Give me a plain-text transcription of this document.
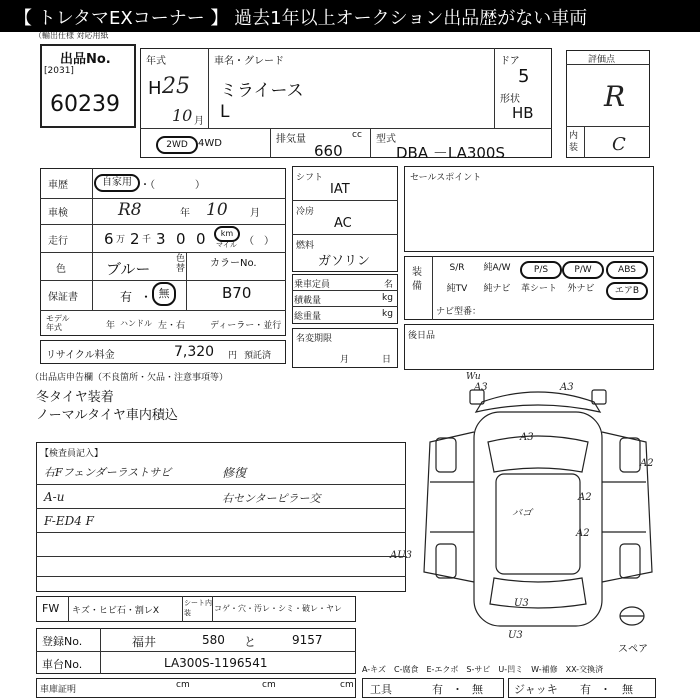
【 トレタマEXコーナー 】 過去1年以上オークション出品歴がない車両
（輸出仕様 対応用紙
出品No.
[2031]
60239
年式
H 25
10 月
車名・グレード
ミライース
L
ドア
5
形状
HB
2WD	4WD	排気量	cc
660
型式
DBA －LA300S
評価点
R
内装 C
車歴	自家用 ・（　　　　）
車検	R8	年 10 月
走行 6 万 2 千 3 0 0	km
マイル （　）
色	ブルー
色替 カラーNo.
B70
保証書	有 ・ 無
モデル年式	年 ハンドル 左・右	ディーラー・並行
シフト
IAT
冷房
AC
燃料
ガソリン
乗車定員	名
積載量	kg
総重量	kg
名変期限
月	日
セールスポイント
装備
S/R	純A/W	P/S	P/W	ABS
純TV	純ナビ	革シート	外ナビ	エアB
ナビ型番：
後日品
リサイクル料金	7,320 円 預託済
（出品店申告欄（不良箇所・欠品・注意事項等）
冬タイヤ装着
ノーマルタイヤ車内積込
【検査員記入】
右Fフェンダーラストサビ
A-u
F-ED4 F
修復
右センターピラー交
Wu
A3	A3
A3
A2
A2
バゴ
A2
AU3
U3
U3
スペア
FW キズ・ヒビ石・割レX
シート内装	コゲ・穴・汚レ・シミ・破レ・ヤレ
登録No.	福井	580 と	9157
車台No.	LA300S-1196541	A-キズ　C-腐食　E-エクボ　S-サビ　U-凹ミ　W-補修　XX-交換済
車庫証明	cm	cm	cm 工具	有 ・ 無	ジャッキ 有 ・ 無
